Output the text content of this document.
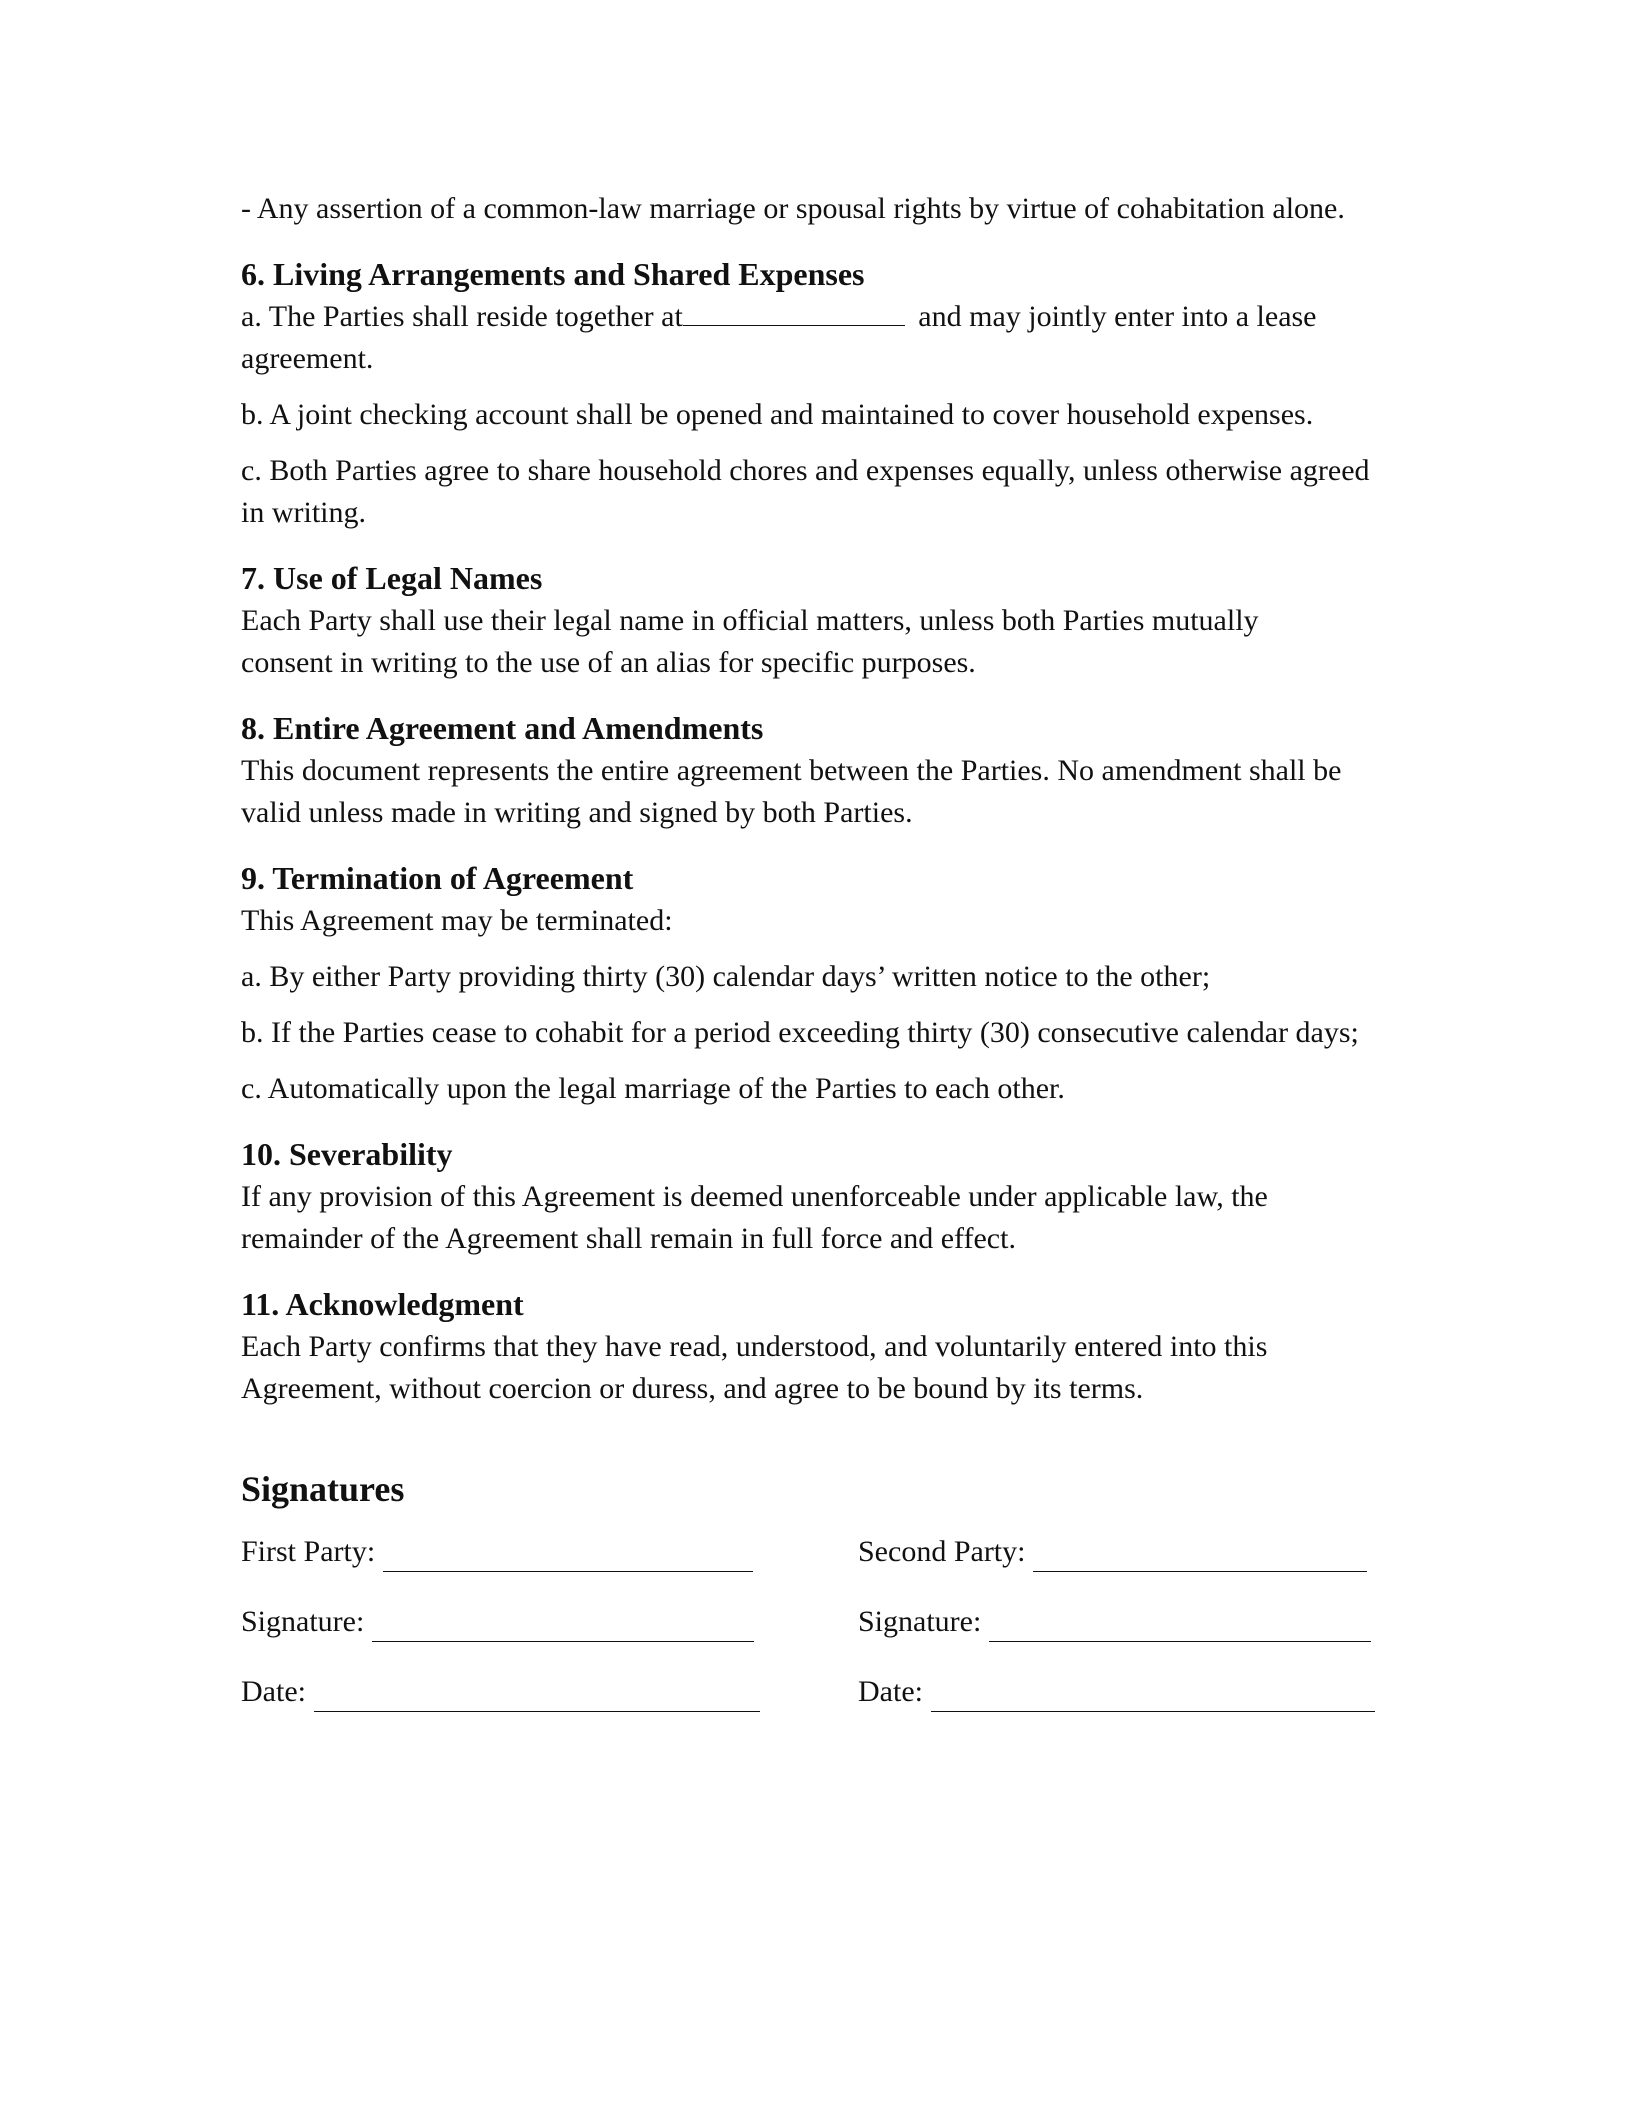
- Any assertion of a common-law marriage or spousal rights by virtue of cohabitation alone.

6. Living Arrangements and Shared Expenses

a. The Parties shall reside together at	and may jointly enter into a lease agreement.

b. A joint checking account shall be opened and maintained to cover household expenses.

c. Both Parties agree to share household chores and expenses equally, unless otherwise agreed in writing.

7. Use of Legal Names

Each Party shall use their legal name in official matters, unless both Parties mutually consent in writing to the use of an alias for specific purposes.

8. Entire Agreement and Amendments

This document represents the entire agreement between the Parties. No amendment shall be valid unless made in writing and signed by both Parties.

9. Termination of Agreement

This Agreement may be terminated:

a. By either Party providing thirty (30) calendar days’ written notice to the other;

b. If the Parties cease to cohabit for a period exceeding thirty (30) consecutive calendar days;

c. Automatically upon the legal marriage of the Parties to each other.

10. Severability

If any provision of this Agreement is deemed unenforceable under applicable law, the remainder of the Agreement shall remain in full force and effect.

11. Acknowledgment

Each Party confirms that they have read, understood, and voluntarily entered into this Agreement, without coercion or duress, and agree to be bound by its terms.

Signatures
First Party:	Second Party:
Signature:	Signature:
Date:	Date:
